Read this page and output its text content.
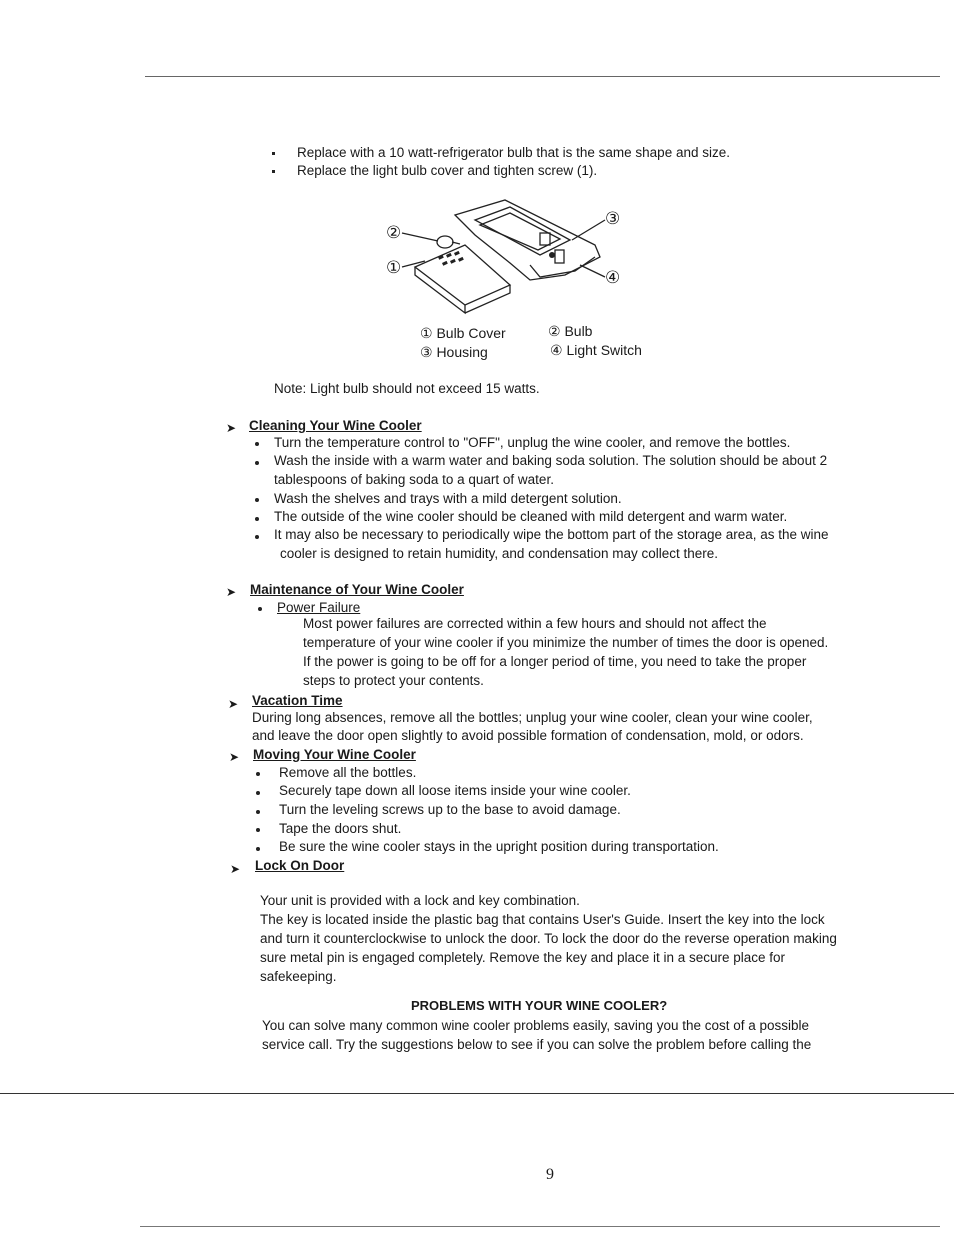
Replace with a 10 watt-refrigerator bulb that is the same shape and size.
Replace the light bulb cover and tighten screw (1).
②
①
③
④
① Bulb Cover	② Bulb
③ Housing	④ Light Switch
Note: Light bulb should not exceed 15 watts.
➤ Cleaning Your Wine Cooler
Turn the temperature control to "OFF", unplug the wine cooler, and remove the bottles.
Wash the inside with a warm water and baking soda solution. The solution should be about 2
tablespoons of baking soda to a quart of water.
Wash the shelves and trays with a mild detergent solution.
The outside of the wine cooler should be cleaned with mild detergent and warm water.
It may also be necessary to periodically wipe the bottom part of the storage area, as the wine
cooler is designed to retain humidity, and condensation may collect there.
➤ Maintenance of Your Wine Cooler
Power Failure
Most power failures are corrected within a few hours and should not affect the
temperature of your wine cooler if you minimize the number of times the door is opened.
If the power is going to be off for a longer period of time, you need to take the proper
steps to protect your contents.
➤ Vacation Time
During long absences, remove all the bottles; unplug your wine cooler, clean your wine cooler,
and leave the door open slightly to avoid possible formation of condensation, mold, or odors.
➤ Moving Your Wine Cooler
Remove all the bottles.
Securely tape down all loose items inside your wine cooler.
Turn the leveling screws up to the base to avoid damage.
Tape the doors shut.
Be sure the wine cooler stays in the upright position during transportation.
➤ Lock On Door
Your unit is provided with a lock and key combination.
The key is located inside the plastic bag that contains User's Guide. Insert the key into the lock
and turn it counterclockwise to unlock the door. To lock the door do the reverse operation making
sure metal pin is engaged completely. Remove the key and place it in a secure place for
safekeeping.
PROBLEMS WITH YOUR WINE COOLER?
You can solve many common wine cooler problems easily, saving you the cost of a possible
service call. Try the suggestions below to see if you can solve the problem before calling the
9
